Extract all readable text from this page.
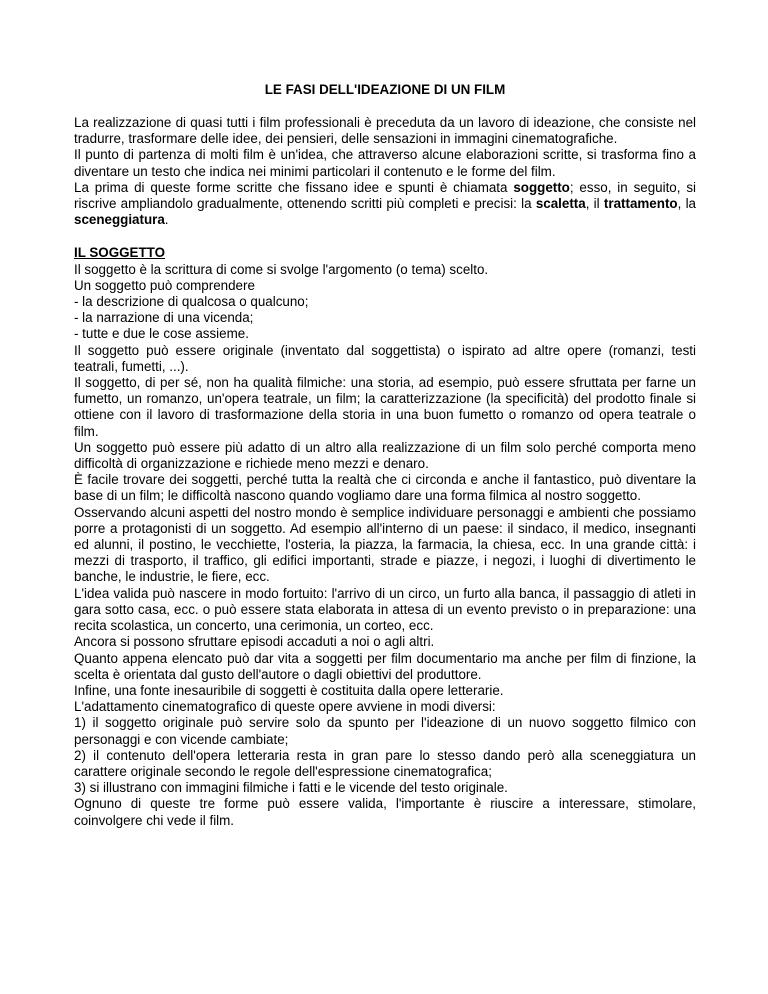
LE FASI DELL'IDEAZIONE DI UN FILM

La realizzazione di quasi tutti i film professionali è preceduta da un lavoro di ideazione, che consiste nel tradurre, trasformare delle idee, dei pensieri, delle sensazioni in immagini cinematografiche.

Il punto di partenza di molti film è un'idea, che attraverso alcune elaborazioni scritte, si trasforma fino a diventare un testo che indica nei minimi particolari il contenuto e le forme del film.

La prima di queste forme scritte che fissano idee e spunti è chiamata soggetto; esso, in seguito, si riscrive ampliandolo gradualmente, ottenendo scritti più completi e precisi: la scaletta, il trattamento, la sceneggiatura.

IL SOGGETTO

Il soggetto è la scrittura di come si svolge l'argomento (o tema) scelto.

Un soggetto può comprendere

- la descrizione di qualcosa o qualcuno;

- la narrazione di una vicenda;

- tutte e due le cose assieme.

Il soggetto può essere originale (inventato dal soggettista) o ispirato ad altre opere (romanzi, testi teatrali, fumetti, ...).

Il soggetto, di per sé, non ha qualità filmiche: una storia, ad esempio, può essere sfruttata per farne un fumetto, un romanzo, un'opera teatrale, un film; la caratterizzazione (la specificità) del prodotto finale si ottiene con il lavoro di trasformazione della storia in una buon fumetto o romanzo od opera teatrale o film.

Un soggetto può essere più adatto di un altro alla realizzazione di un film solo perché comporta meno difficoltà di organizzazione e richiede meno mezzi e denaro.

È facile trovare dei soggetti, perché tutta la realtà che ci circonda e anche il fantastico, può diventare la base di un film; le difficoltà nascono quando vogliamo dare una forma filmica al nostro soggetto.

Osservando alcuni aspetti del nostro mondo è semplice individuare personaggi e ambienti che possiamo porre a protagonisti di un soggetto. Ad esempio all'interno di un paese: il sindaco, il medico, insegnanti ed alunni, il postino, le vecchiette, l'osteria, la piazza, la farmacia, la chiesa, ecc. In una grande città: i mezzi di trasporto, il traffico, gli edifici importanti, strade e piazze, i negozi, i luoghi di divertimento le banche, le industrie, le fiere, ecc.

L'idea valida può nascere in modo fortuito: l'arrivo di un circo, un furto alla banca, il passaggio di atleti in gara sotto casa, ecc. o può essere stata elaborata in attesa di un evento previsto o in preparazione: una recita scolastica, un concerto, una cerimonia, un corteo, ecc.

Ancora si possono sfruttare episodi accaduti a noi o agli altri.

Quanto appena elencato può dar vita a soggetti per film documentario ma anche per film di finzione, la scelta è orientata dal gusto dell'autore o dagli obiettivi del produttore.

Infine, una fonte inesauribile di soggetti è costituita dalla opere letterarie.

L'adattamento cinematografico di queste opere avviene in modi diversi:

1) il soggetto originale può servire solo da spunto per l'ideazione di un nuovo soggetto filmico con personaggi e con vicende cambiate;

2) il contenuto dell'opera letteraria resta in gran pare lo stesso dando però alla sceneggiatura un carattere originale secondo le regole dell'espressione cinematografica;

3) si illustrano con immagini filmiche i fatti e le vicende del testo originale.

Ognuno di queste tre forme può essere valida, l'importante è riuscire a interessare, stimolare, coinvolgere chi vede il film.
